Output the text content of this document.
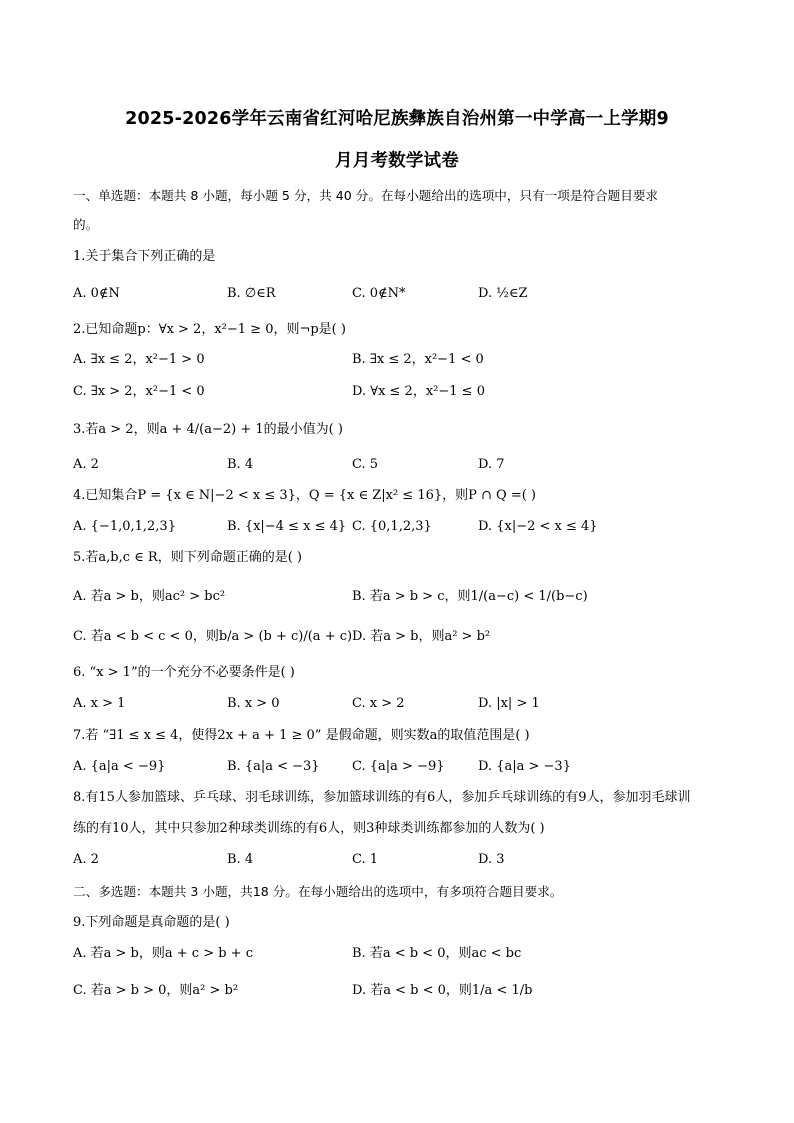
2025-2026学年云南省红河哈尼族彝族自治州第一中学高一上学期9
月月考数学试卷
一、单选题：本题共 8 小题，每小题 5 分，共 40 分。在每小题给出的选项中，只有一项是符合题目要求
的。
1.关于集合下列正确的是
A. 0∉N	B. ∅∈R	C. 0∉N*	D. ½∈Z
2.已知命题p：∀x > 2，x²−1 ≥ 0，则¬p是( )
A. ∃x ≤ 2，x²−1 > 0	B. ∃x ≤ 2，x²−1 < 0
C. ∃x > 2，x²−1 < 0	D. ∀x ≤ 2，x²−1 ≤ 0
3.若a > 2，则a + 4/(a−2) + 1的最小值为( )
A. 2	B. 4	C. 5	D. 7
4.已知集合P = {x ∈ N|−2 < x ≤ 3}，Q = {x ∈ Z|x² ≤ 16}，则P ∩ Q =( )
A. {−1,0,1,2,3}	B. {x|−4 ≤ x ≤ 4} C. {0,1,2,3}	D. {x|−2 < x ≤ 4}
5.若a,b,c ∈ R，则下列命题正确的是( )
A. 若a > b，则ac² > bc²	B. 若a > b > c，则1/(a−c) < 1/(b−c)
C. 若a < b < c < 0，则b/a > (b + c)/(a + c) D. 若a > b，则a² > b²
6. “x > 1”的一个充分不必要条件是( )
A. x > 1	B. x > 0	C. x > 2	D. |x| > 1
7.若 “∃1 ≤ x ≤ 4，使得2x + a + 1 ≥ 0” 是假命题，则实数a的取值范围是( )
A. {a|a < −9}	B. {a|a < −3} C. {a|a > −9}	D. {a|a > −3}
8.有15人参加篮球、乒乓球、羽毛球训练，参加篮球训练的有6人，参加乒乓球训练的有9人，参加羽毛球训
练的有10人，其中只参加2种球类训练的有6人，则3种球类训练都参加的人数为( )
A. 2	B. 4	C. 1	D. 3
二、多选题：本题共 3 小题，共18 分。在每小题给出的选项中，有多项符合题目要求。
9.下列命题是真命题的是( )
A. 若a > b，则a + c > b + c	B. 若a < b < 0，则ac < bc
C. 若a > b > 0，则a² > b²	D. 若a < b < 0，则1/a < 1/b
